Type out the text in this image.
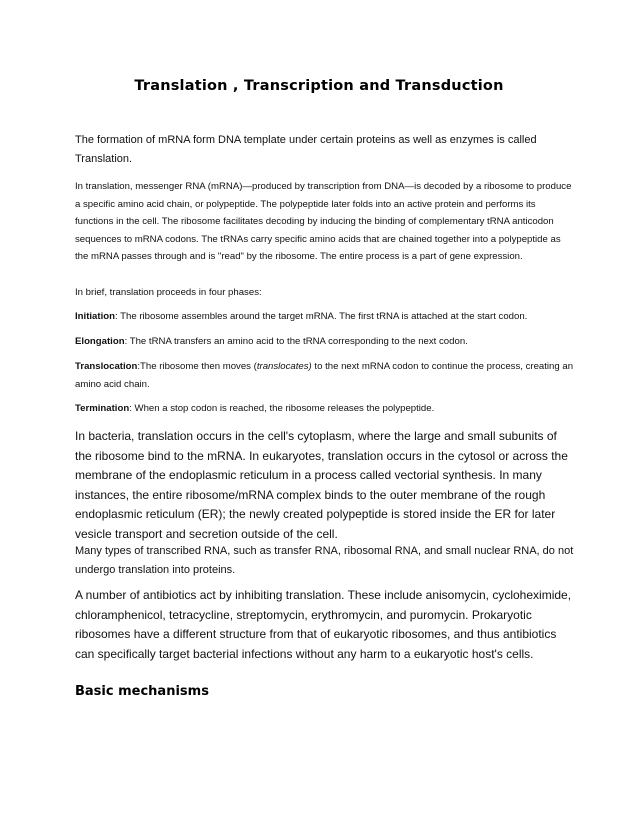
Translation , Transcription and Transduction

The formation of mRNA form DNA template under certain proteins as well as enzymes is called Translation.

In translation, messenger RNA (mRNA)—produced by transcription from DNA—is decoded by a ribosome to produce a specific amino acid chain, or polypeptide. The polypeptide later folds into an active protein and performs its functions in the cell. The ribosome facilitates decoding by inducing the binding of complementary tRNA anticodon sequences to mRNA codons. The tRNAs carry specific amino acids that are chained together into a polypeptide as the mRNA passes through and is "read" by the ribosome. The entire process is a part of gene expression.

In brief, translation proceeds in four phases:

Initiation: The ribosome assembles around the target mRNA. The first tRNA is attached at the start codon.

Elongation: The tRNA transfers an amino acid to the tRNA corresponding to the next codon.

Translocation:The ribosome then moves (translocates) to the next mRNA codon to continue the process, creating an amino acid chain.

Termination: When a stop codon is reached, the ribosome releases the polypeptide.

In bacteria, translation occurs in the cell's cytoplasm, where the large and small subunits of the ribosome bind to the mRNA. In eukaryotes, translation occurs in the cytosol or across the membrane of the endoplasmic reticulum in a process called vectorial synthesis. In many instances, the entire ribosome/mRNA complex binds to the outer membrane of the rough endoplasmic reticulum (ER); the newly created polypeptide is stored inside the ER for later vesicle transport and secretion outside of the cell.

Many types of transcribed RNA, such as transfer RNA, ribosomal RNA, and small nuclear RNA, do not undergo translation into proteins.

A number of antibiotics act by inhibiting translation. These include anisomycin, cycloheximide, chloramphenicol, tetracycline, streptomycin, erythromycin, and puromycin. Prokaryotic ribosomes have a different structure from that of eukaryotic ribosomes, and thus antibiotics can specifically target bacterial infections without any harm to a eukaryotic host's cells.

Basic mechanisms
